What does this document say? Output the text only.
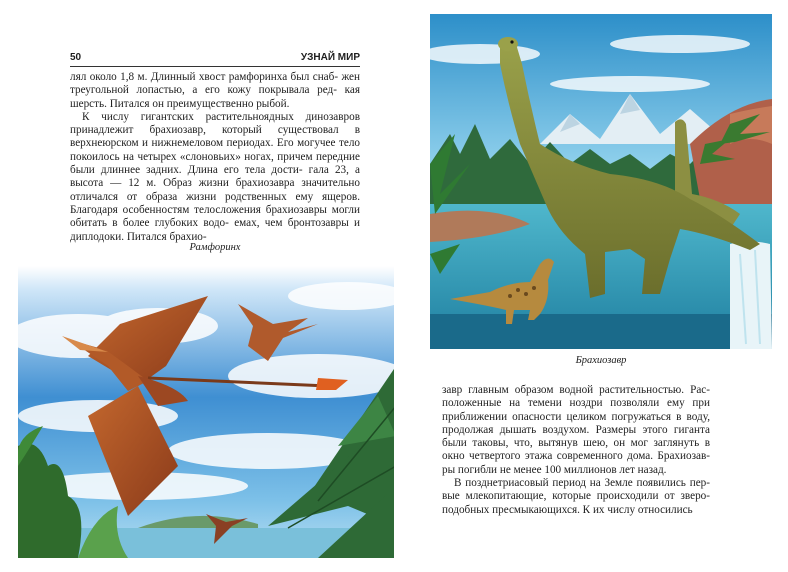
50	УЗНАЙ МИР

лял около 1,8 м. Длинный хвост рамфоринха был снаб- жен треугольной лопастью, а его кожу покрывала ред- кая шерсть. Питался он преимущественно рыбой.

К числу гигантских растительноядных динозавров принадлежит брахиозавр, который существовал в верхнеюрском и нижнемеловом периодах. Его могучее тело покоилось на четырех «слоновьих» ногах, причем передние были длиннее задних. Длина его тела дости- гала 23, а высота — 12 м. Образ жизни брахиозавра значительно отличался от образа жизни родственных ему ящеров. Благодаря особенностям телосложения брахиозавры могли обитать в более глубоких водо- емах, чем бронтозавры и диплодоки. Питался брахио-

Рамфоринх
Брахиозавр

завр главным образом водной растительностью. Рас- положенные на темени ноздри позволяли ему при приближении опасности целиком погружаться в воду, продолжая дышать воздухом. Размеры этого гиганта были таковы, что, вытянув шею, он мог заглянуть в окно четвертого этажа современного дома. Брахиозав- ры погибли не менее 100 миллионов лет назад.

В позднетриасовый период на Земле появились пер- вые млекопитающие, которые происходили от зверо- подобных пресмыкающихся. К их числу относились
